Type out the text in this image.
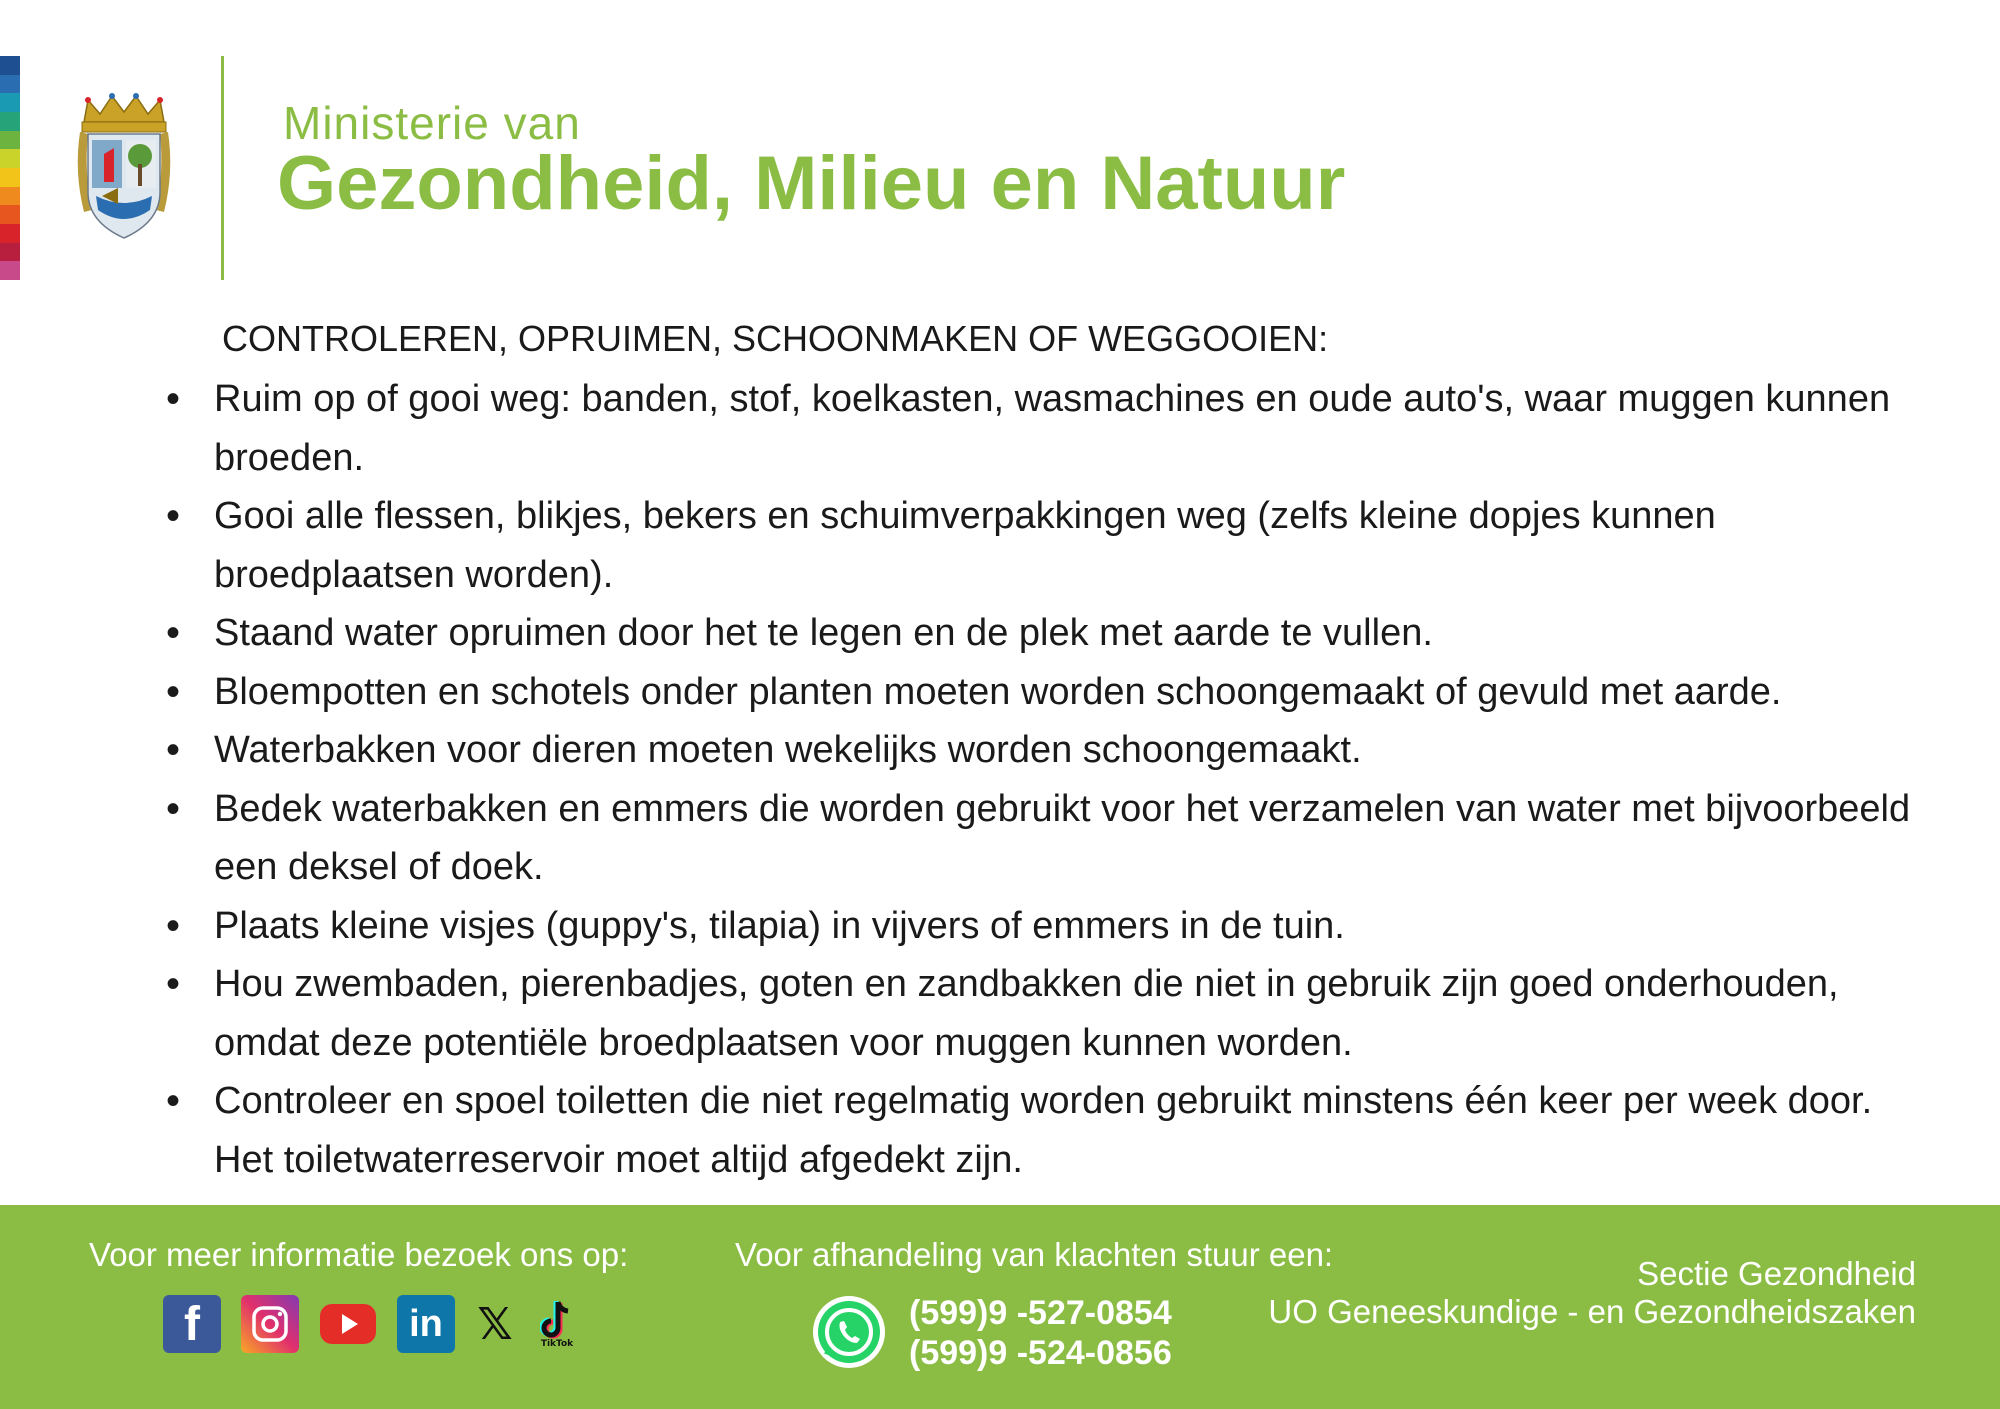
Ministerie van
Gezondheid, Milieu en Natuur
CONTROLEREN, OPRUIMEN, SCHOONMAKEN OF WEGGOOIEN:
• Ruim op of gooi weg: banden, stof, koelkasten, wasmachines en oude auto's, waar muggen kunnen broeden.
• Gooi alle flessen, blikjes, bekers en schuimverpakkingen weg (zelfs kleine dopjes kunnen broedplaatsen worden).
• Staand water opruimen door het te legen en de plek met aarde te vullen.
• Bloempotten en schotels onder planten moeten worden schoongemaakt of gevuld met aarde.
• Waterbakken voor dieren moeten wekelijks worden schoongemaakt.
• Bedek waterbakken en emmers die worden gebruikt voor het verzamelen van water met bijvoorbeeld een deksel of doek.
• Plaats kleine visjes (guppy's, tilapia) in vijvers of emmers in de tuin.
• Hou zwembaden, pierenbadjes, goten en zandbakken die niet in gebruik zijn goed onderhouden, omdat deze potentiële broedplaatsen voor muggen kunnen worden.
• Controleer en spoel toiletten die niet regelmatig worden gebruikt minstens één keer per week door. Het toiletwaterreservoir moet altijd afgedekt zijn.
Voor meer informatie bezoek ons op:
f	in 𝕏	TikTok
Voor afhandeling van klachten stuur een:
(599)9 -527-0854
(599)9 -524-0856
Sectie Gezondheid
UO Geneeskundige - en Gezondheidszaken
